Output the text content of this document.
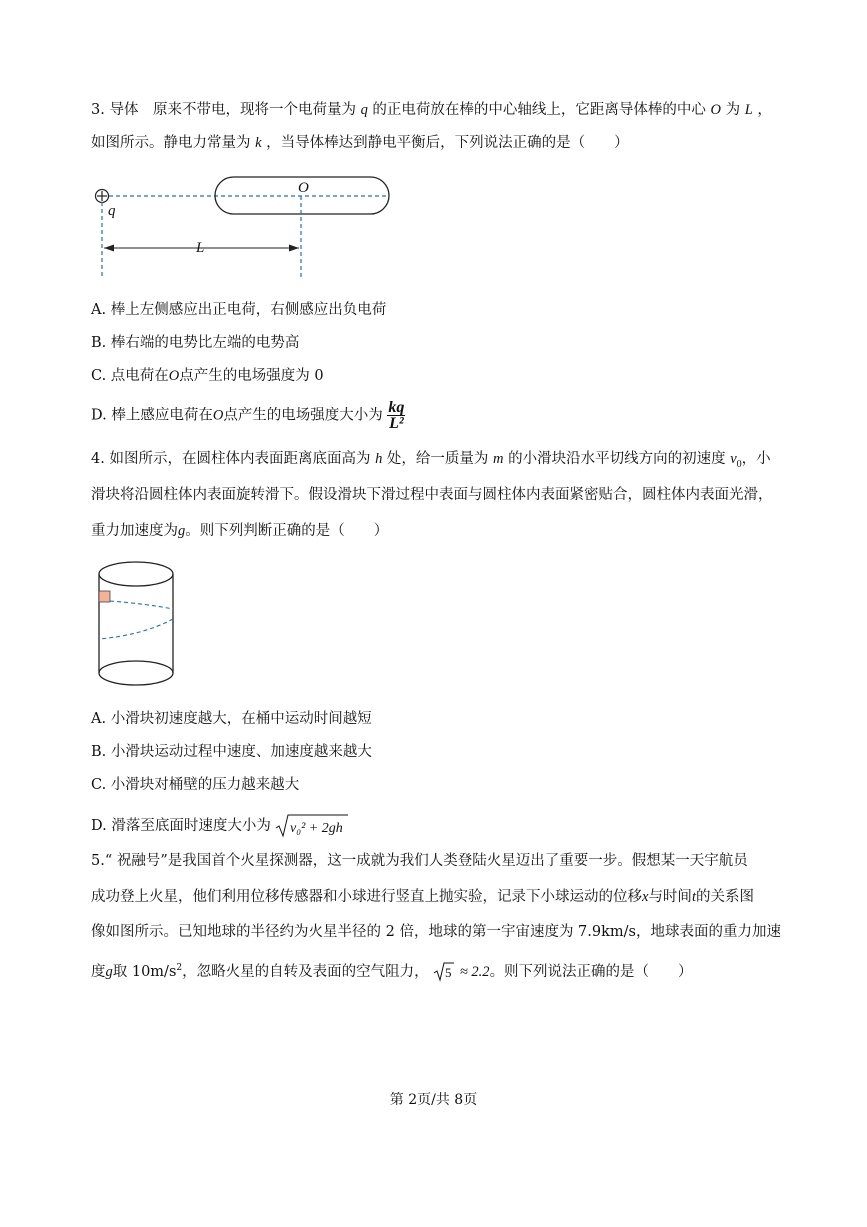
3. 导体　原来不带电，现将一个电荷量为 q 的正电荷放在棒的中心轴线上，它距离导体棒的中心 O 为 L ，
如图所示。静电力常量为 k ，当导体棒达到静电平衡后，下列说法正确的是（　　）
q
O
L
A. 棒上左侧感应出正电荷，右侧感应出负电荷
B. 棒右端的电势比左端的电势高
C. 点电荷在O点产生的电场强度为 0
D. 棒上感应电荷在O点产生的电场强度大小为 $\frac{kq}{\text{L²}}$
4. 如图所示，在圆柱体内表面距离底面高为 h 处，给一质量为 m 的小滑块沿水平切线方向的初速度 $v_0$，小
滑块将沿圆柱体内表面旋转滑下。假设滑块下滑过程中表面与圆柱体内表面紧密贴合，圆柱体内表面光滑，
重力加速度为g。则下列判断正确的是（　　）
A. 小滑块初速度越大，在桶中运动时间越短
B. 小滑块运动过程中速度、加速度越来越大
C. 小滑块对桶壁的压力越来越大
D. 滑落至底面时速度大小为 v₀² + 2gh
5.“ 祝融号”是我国首个火星探测器，这一成就为我们人类登陆火星迈出了重要一步。假想某一天宇航员
成功登上火星，他们利用位移传感器和小球进行竖直上抛实验，记录下小球运动的位移x与时间t的关系图
像如图所示。已知地球的半径约为火星半径的 2 倍，地球的第一宇宙速度为 7.9km/s，地球表面的重力加速
度g取 $10m/s^2$，忽略火星的自转及表面的空气阻力， 5 ≈ 2.2。则下列说法正确的是（　　）
第 2页/共 8页
